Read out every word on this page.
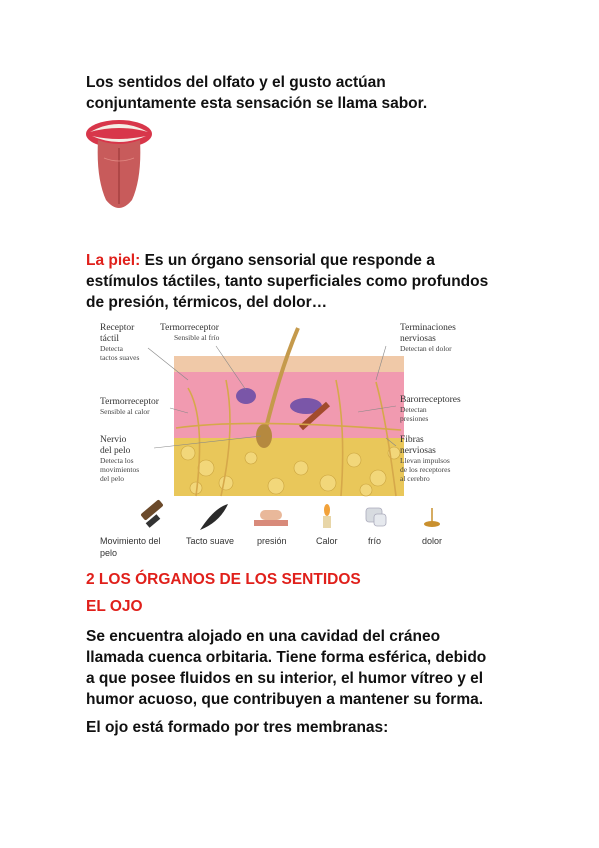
Los sentidos del olfato y el gusto actúan

conjuntamente esta sensación se llama sabor.

La piel: Es un órgano sensorial que responde a

estímulos táctiles, tanto superficiales como profundos

de presión, térmicos, del dolor…

Receptor táctil
Detecta tactos suaves
Termorreceptor
Sensible al calor
Nervio del pelo
Detecta los movimientos del pelo
Termorreceptor
Sensible al frío
Terminaciones nerviosas
Detectan el dolor
Barorreceptores
Detectan presiones
Fibras nerviosas
Llevan impulsos de los receptores al cerebro
Movimiento del pelo
Tacto suave	presión	Calor	frío	dolor

2 LOS ÓRGANOS DE LOS SENTIDOS

EL OJO

Se encuentra alojado en una cavidad del cráneo

llamada cuenca orbitaria. Tiene forma esférica, debido

a que posee fluidos en su interior, el humor vítreo y el

humor acuoso, que contribuyen a mantener su forma.

El ojo está formado por tres membranas:
